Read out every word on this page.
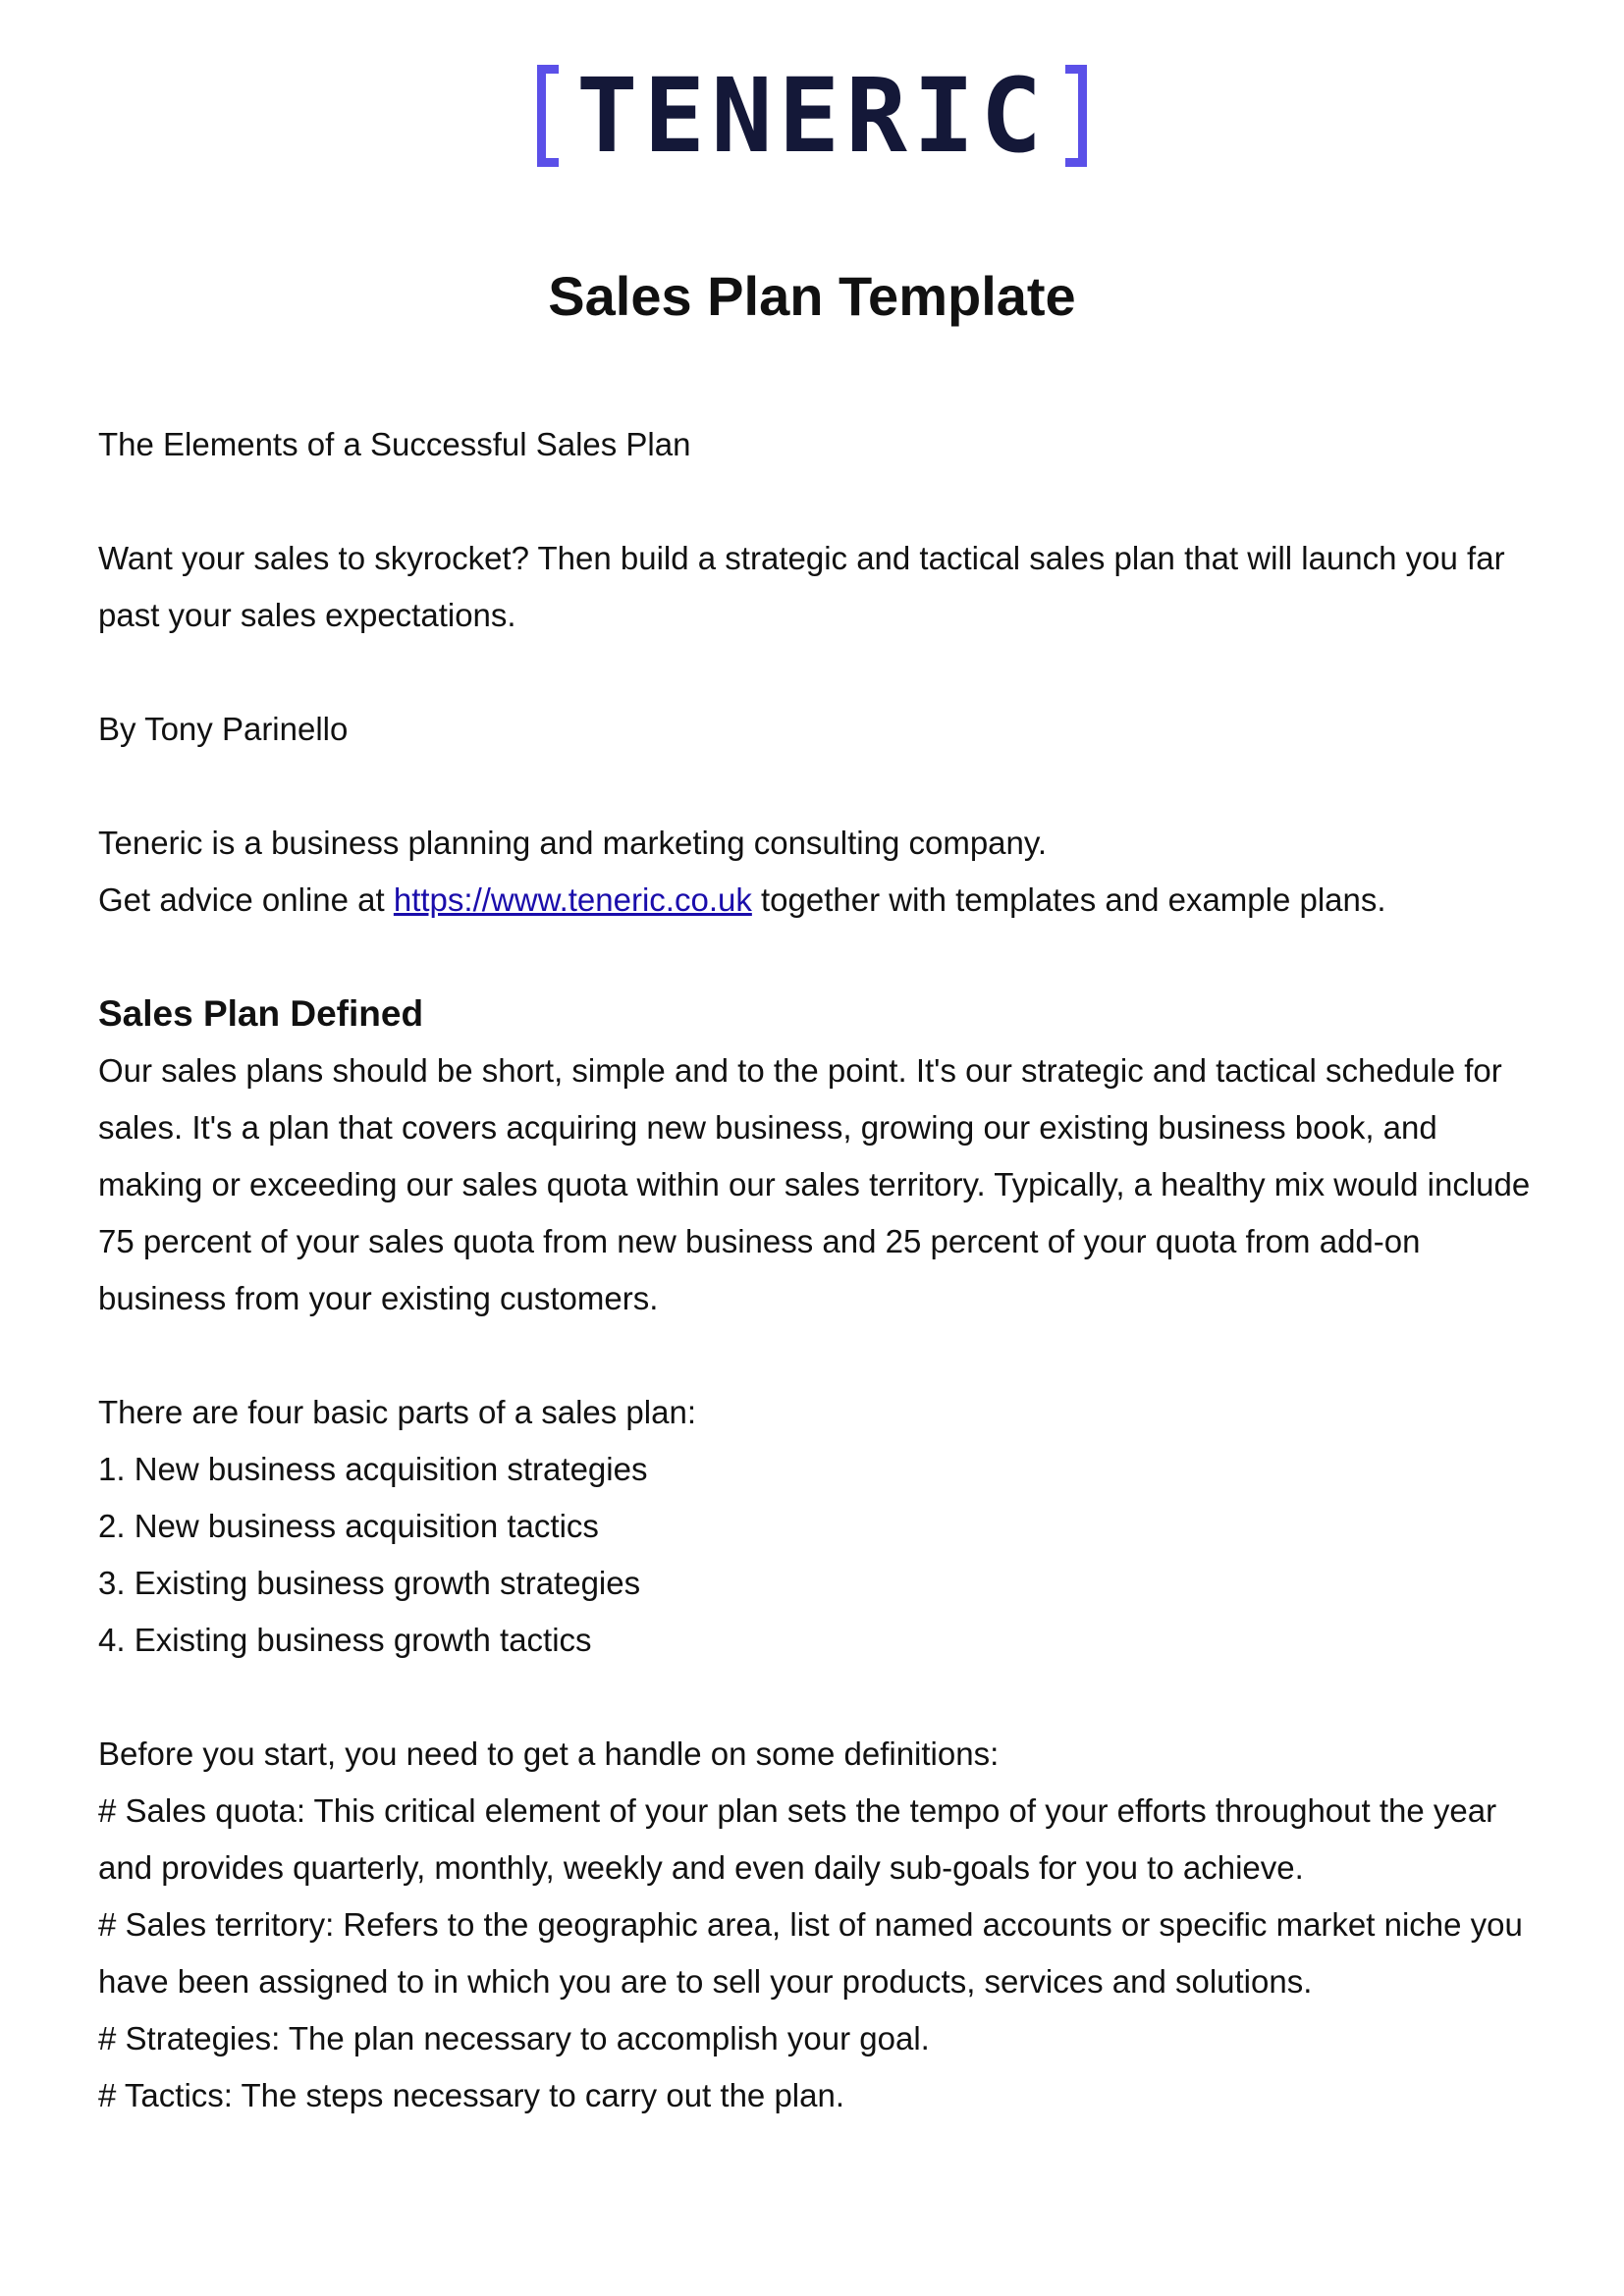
TENERIC
Sales Plan Template

The Elements of a Successful Sales Plan

Want your sales to skyrocket? Then build a strategic and tactical sales plan that will launch you far past your sales expectations.

By Tony Parinello

Teneric is a business planning and marketing consulting company.

Get advice online at https://www.teneric.co.uk together with templates and example plans.

Sales Plan Defined

Our sales plans should be short, simple and to the point. It's our strategic and tactical schedule for sales. It's a plan that covers acquiring new business, growing our existing business book, and making or exceeding our sales quota within our sales territory. Typically, a healthy mix would include 75 percent of your sales quota from new business and 25 percent of your quota from add-on business from your existing customers.

There are four basic parts of a sales plan:

1. New business acquisition strategies
2. New business acquisition tactics
3. Existing business growth strategies
4. Existing business growth tactics

Before you start, you need to get a handle on some definitions:

# Sales quota: This critical element of your plan sets the tempo of your efforts throughout the year and provides quarterly, monthly, weekly and even daily sub-goals for you to achieve.
# Sales territory: Refers to the geographic area, list of named accounts or specific market niche you have been assigned to in which you are to sell your products, services and solutions.
# Strategies: The plan necessary to accomplish your goal.
# Tactics: The steps necessary to carry out the plan.
